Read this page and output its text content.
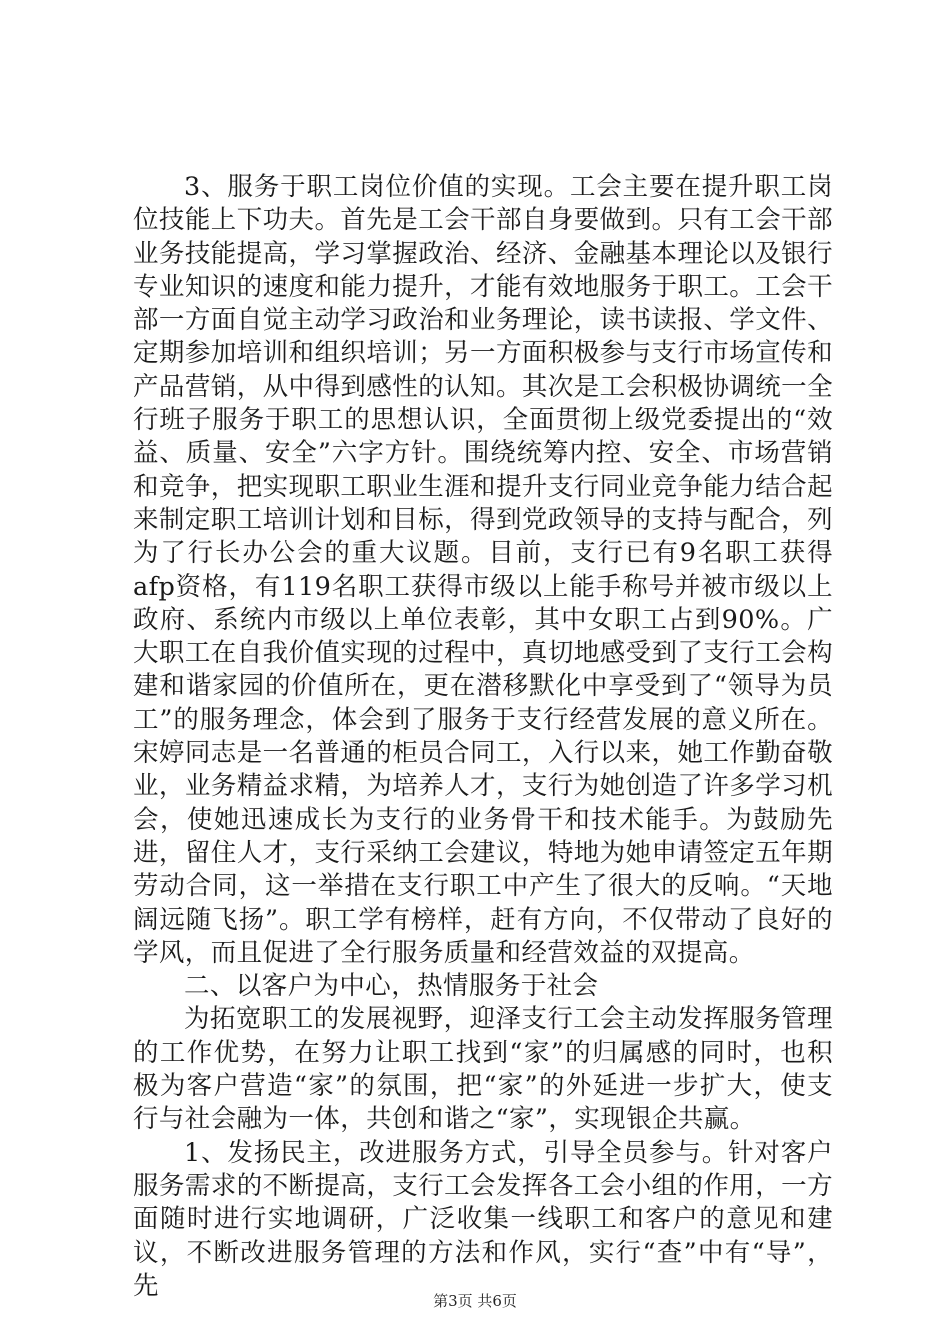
3、服务于职工岗位价值的实现。工会主要在提升职工岗位技能上下功夫。首先是工会干部自身要做到。只有工会干部业务技能提高，学习掌握政治、经济、金融基本理论以及银行专业知识的速度和能力提升，才能有效地服务于职工。工会干部一方面自觉主动学习政治和业务理论，读书读报、学文件、定期参加培训和组织培训；另一方面积极参与支行市场宣传和产品营销，从中得到感性的认知。其次是工会积极协调统一全行班子服务于职工的思想认识，全面贯彻上级党委提出的“效益、质量、安全”六字方针。围绕统筹内控、安全、市场营销和竞争，把实现职工职业生涯和提升支行同业竞争能力结合起来制定职工培训计划和目标，得到党政领导的支持与配合，列为了行长办公会的重大议题。目前，支行已有9名职工获得afp资格，有119名职工获得市级以上能手称号并被市级以上政府、系统内市级以上单位表彰，其中女职工占到90%。广大职工在自我价值实现的过程中，真切地感受到了支行工会构建和谐家园的价值所在，更在潜移默化中享受到了“领导为员工”的服务理念，体会到了服务于支行经营发展的意义所在。宋婷同志是一名普通的柜员合同工，入行以来，她工作勤奋敬业，业务精益求精，为培养人才，支行为她创造了许多学习机会，使她迅速成长为支行的业务骨干和技术能手。为鼓励先进，留住人才，支行采纳工会建议，特地为她申请签定五年期劳动合同，这一举措在支行职工中产生了很大的反响。“天地阔远随飞扬”。职工学有榜样，赶有方向，不仅带动了良好的学风，而且促进了全行服务质量和经营效益的双提高。

二、以客户为中心，热情服务于社会

为拓宽职工的发展视野，迎泽支行工会主动发挥服务管理的工作优势，在努力让职工找到“家”的归属感的同时，也积极为客户营造“家”的氛围，把“家”的外延进一步扩大，使支行与社会融为一体，共创和谐之“家”，实现银企共赢。

1、发扬民主，改进服务方式，引导全员参与。针对客户服务需求的不断提高，支行工会发挥各工会小组的作用，一方面随时进行实地调研，广泛收集一线职工和客户的意见和建议，不断改进服务管理的方法和作风，实行“查”中有“导”，先

第3页 共6页
